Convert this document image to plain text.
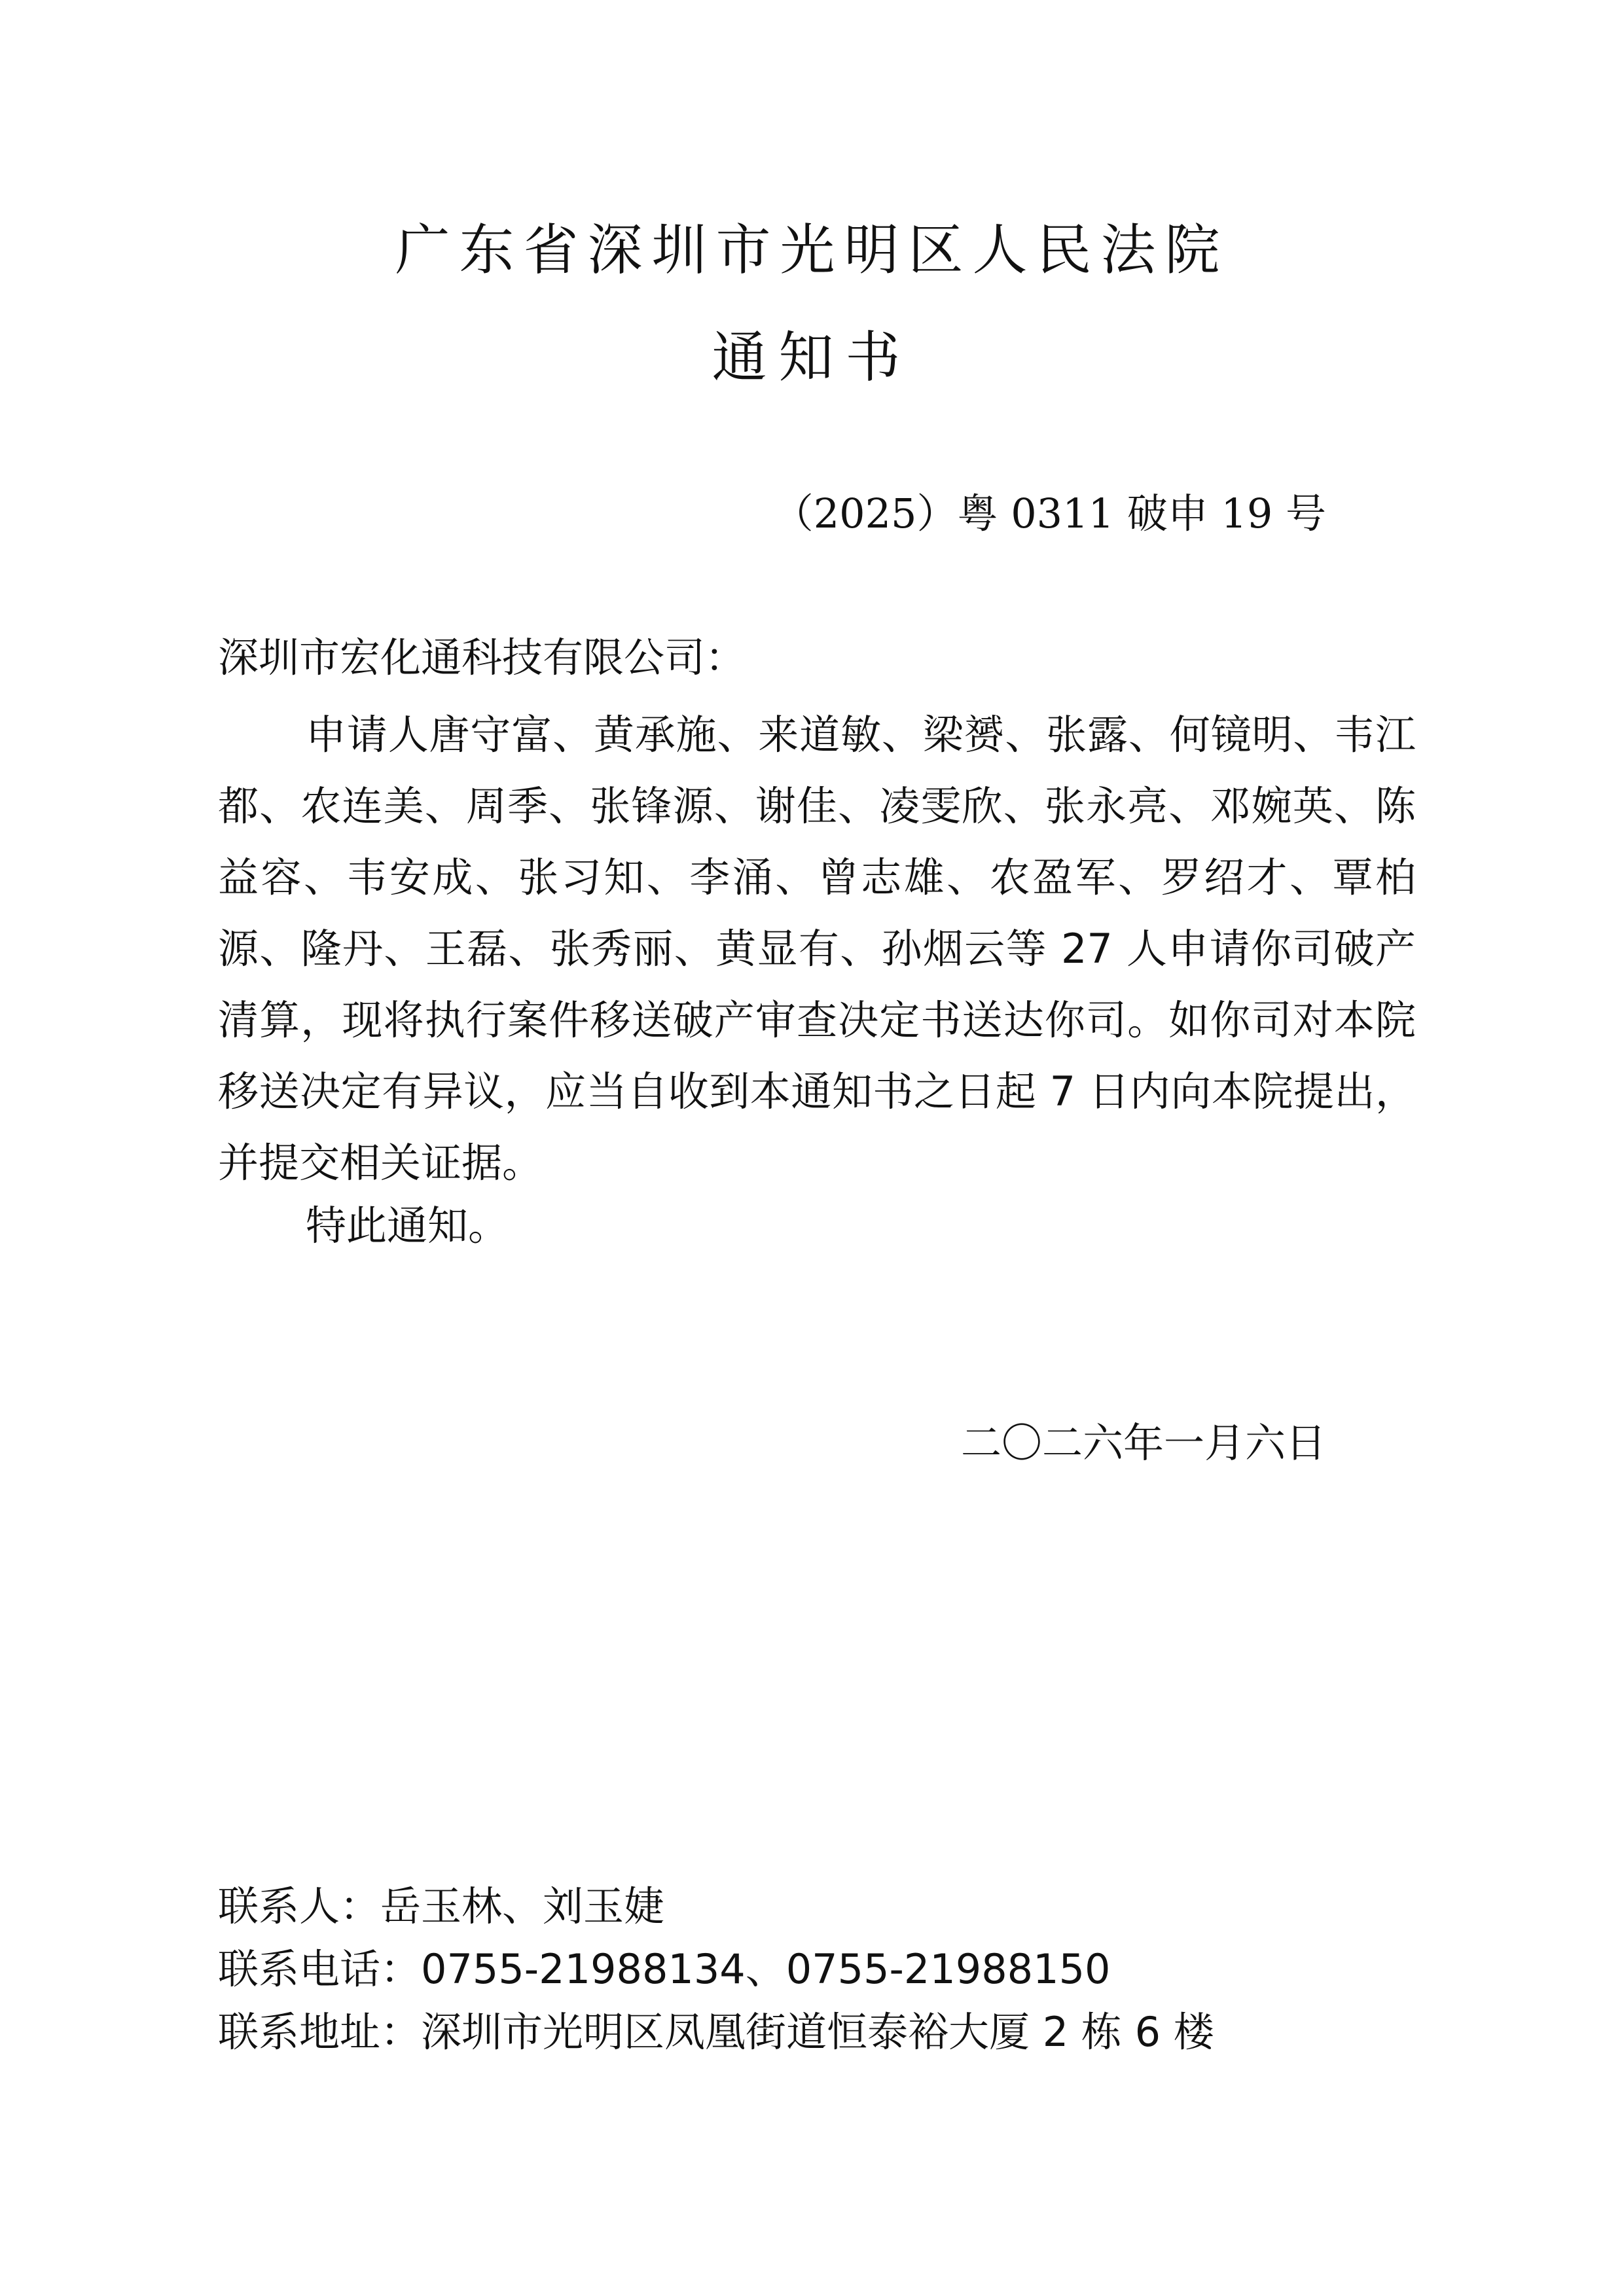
广东省深圳市光明区人民法院
通知书
（2025）粤 0311 破申 19 号
深圳市宏化通科技有限公司：

申请人唐守富、黄承施、来道敏、梁赟、张露、何镜明、韦江都、农连美、周季、张锋源、谢佳、凌雯欣、张永亮、邓婉英、陈益容、韦安成、张习知、李涌、曾志雄、农盈军、罗绍才、覃柏源、隆丹、王磊、张秀丽、黄显有、孙烟云等 27 人申请你司破产清算，现将执行案件移送破产审查决定书送达你司。如你司对本院移送决定有异议，应当自收到本通知书之日起 7 日内向本院提出，并提交相关证据。

特此通知。
二〇二六年一月六日
联系人：岳玉林、刘玉婕
联系电话：0755-21988134、0755-21988150
联系地址：深圳市光明区凤凰街道恒泰裕大厦 2 栋 6 楼
